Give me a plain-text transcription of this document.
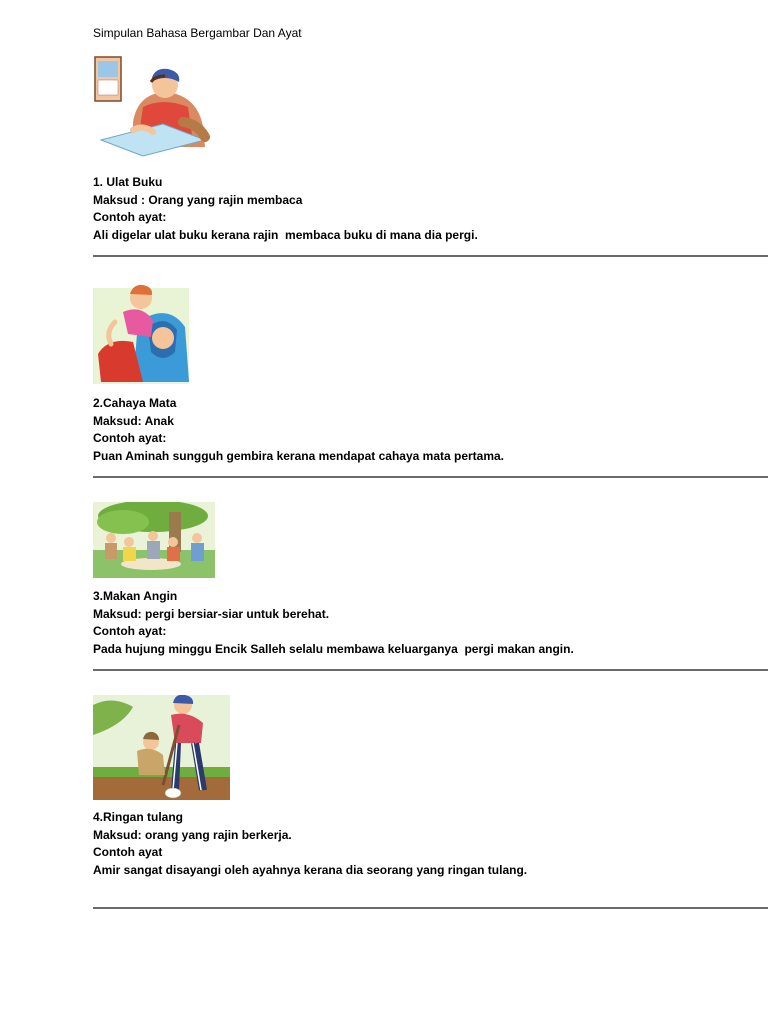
Simpulan Bahasa Bergambar Dan Ayat
1. Ulat Buku
Maksud : Orang yang rajin membaca
Contoh ayat:
Ali digelar ulat buku kerana rajin  membaca buku di mana dia pergi.
2.Cahaya Mata
Maksud: Anak
Contoh ayat:
Puan Aminah sungguh gembira kerana mendapat cahaya mata pertama.
3.Makan Angin
Maksud: pergi bersiar-siar untuk berehat.
Contoh ayat:
Pada hujung minggu Encik Salleh selalu membawa keluarganya  pergi makan angin.
4.Ringan tulang
Maksud: orang yang rajin berkerja.
Contoh ayat
Amir sangat disayangi oleh ayahnya kerana dia seorang yang ringan tulang.
